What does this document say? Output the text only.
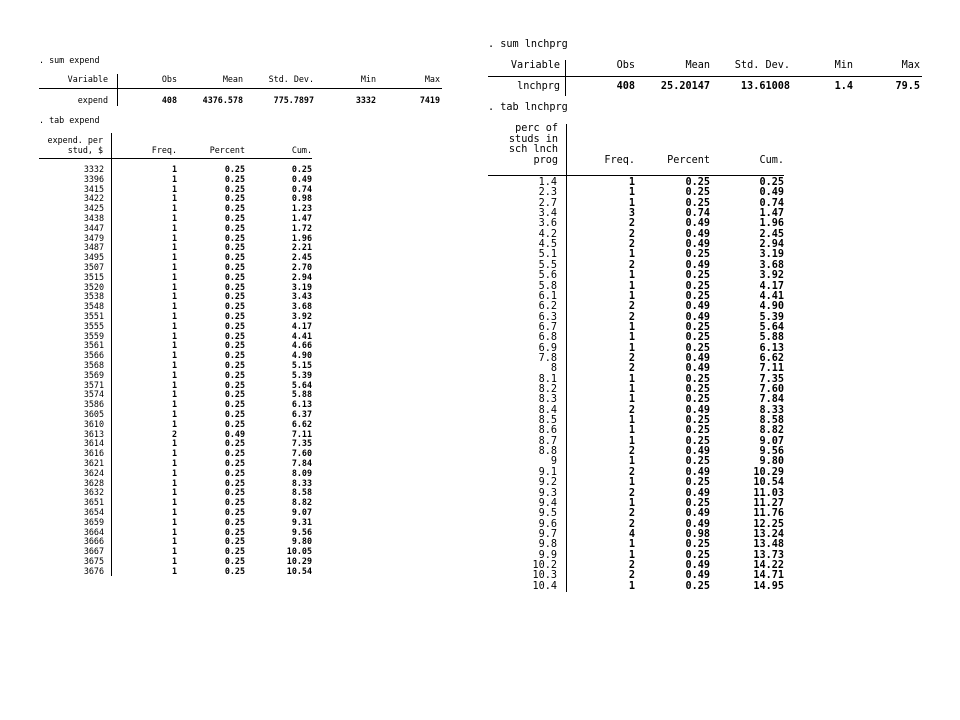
. sum expend
Variable	Obs	Mean	Std. Dev.	Min	Max
expend	408	4376.578	775.7897	3332	7419
. tab expend
expend. per
stud, $	Freq.	Percent	Cum.
3332	1	0.25	0.25
3396	1	0.25	0.49
3415	1	0.25	0.74
3422	1	0.25	0.98
3425	1	0.25	1.23
3438	1	0.25	1.47
3447	1	0.25	1.72
3479	1	0.25	1.96
3487	1	0.25	2.21
3495	1	0.25	2.45
3507	1	0.25	2.70
3515	1	0.25	2.94
3520	1	0.25	3.19
3538	1	0.25	3.43
3548	1	0.25	3.68
3551	1	0.25	3.92
3555	1	0.25	4.17
3559	1	0.25	4.41
3561	1	0.25	4.66
3566	1	0.25	4.90
3568	1	0.25	5.15
3569	1	0.25	5.39
3571	1	0.25	5.64
3574	1	0.25	5.88
3586	1	0.25	6.13
3605	1	0.25	6.37
3610	1	0.25	6.62
3613	2	0.49	7.11
3614	1	0.25	7.35
3616	1	0.25	7.60
3621	1	0.25	7.84
3624	1	0.25	8.09
3628	1	0.25	8.33
3632	1	0.25	8.58
3651	1	0.25	8.82
3654	1	0.25	9.07
3659	1	0.25	9.31
3664	1	0.25	9.56
3666	1	0.25	9.80
3667	1	0.25	10.05
3675	1	0.25	10.29
3676	1	0.25	10.54
. sum lnchprg
Variable	Obs	Mean	Std. Dev.	Min	Max
lnchprg	408	25.20147	13.61008	1.4	79.5
. tab lnchprg
perc of
studs in
sch lnch
prog	Freq.	Percent	Cum.
1.4	1	0.25	0.25
2.3	1	0.25	0.49
2.7	1	0.25	0.74
3.4	3	0.74	1.47
3.6	2	0.49	1.96
4.2	2	0.49	2.45
4.5	2	0.49	2.94
5.1	1	0.25	3.19
5.5	2	0.49	3.68
5.6	1	0.25	3.92
5.8	1	0.25	4.17
6.1	1	0.25	4.41
6.2	2	0.49	4.90
6.3	2	0.49	5.39
6.7	1	0.25	5.64
6.8	1	0.25	5.88
6.9	1	0.25	6.13
7.8	2	0.49	6.62
8	2	0.49	7.11
8.1	1	0.25	7.35
8.2	1	0.25	7.60
8.3	1	0.25	7.84
8.4	2	0.49	8.33
8.5	1	0.25	8.58
8.6	1	0.25	8.82
8.7	1	0.25	9.07
8.8	2	0.49	9.56
9	1	0.25	9.80
9.1	2	0.49	10.29
9.2	1	0.25	10.54
9.3	2	0.49	11.03
9.4	1	0.25	11.27
9.5	2	0.49	11.76
9.6	2	0.49	12.25
9.7	4	0.98	13.24
9.8	1	0.25	13.48
9.9	1	0.25	13.73
10.2	2	0.49	14.22
10.3	2	0.49	14.71
10.4	1	0.25	14.95
